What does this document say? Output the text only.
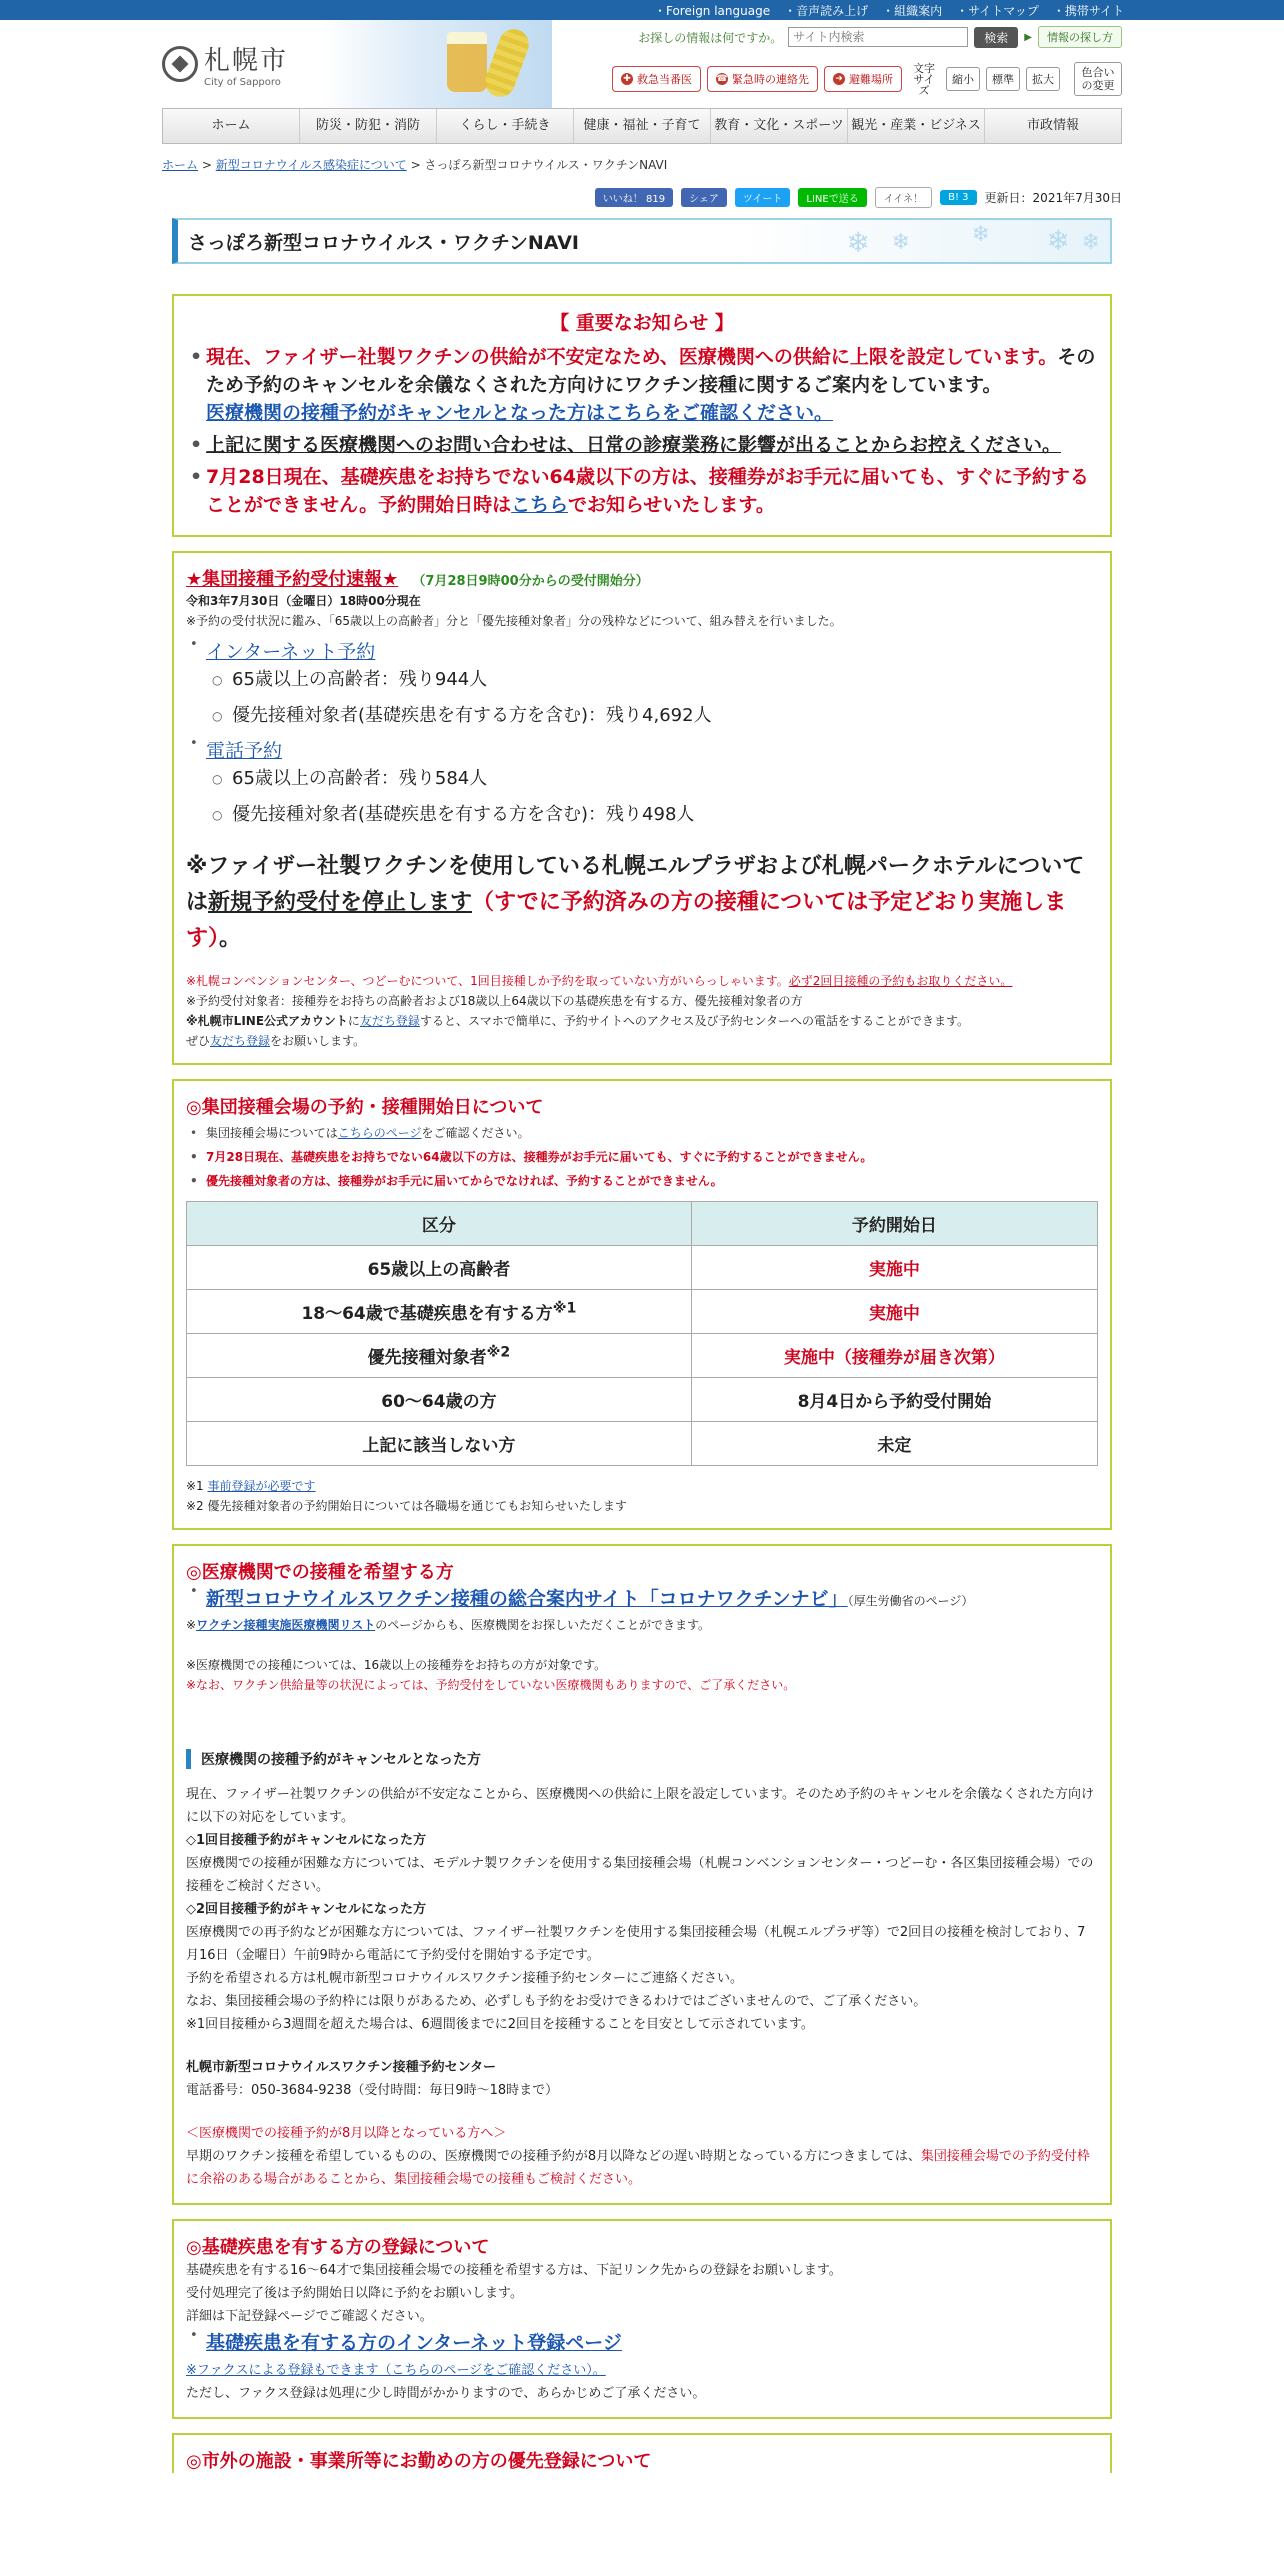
・Foreign language ・音声読み上げ ・組織案内 ・サイトマップ ・携帯サイト
札幌市
City of Sapporo
お探しの情報は何ですか。
サイト内検索	検索	▶	情報の探し方
✚ 救急当番医	☎ 緊急時の連絡先	➜ 避難場所
文字サイズ
縮小	標準	拡大
色合いの変更
ホーム	防災・防犯・消防	くらし・手続き	健康・福祉・子育て	教育・文化・スポーツ 観光・産業・ビジネス	市政情報
ホーム > 新型コロナウイルス感染症について > さっぽろ新型コロナウイルス・ワクチンNAVI
いいね！ 819	シェア	ツイート	LINEで送る	イイネ！	B! 3	更新日：2021年7月30日
さっぽろ新型コロナウイルス・ワクチンNAVI	❄ ❄	❄ ❄ ❄
【 重要なお知らせ 】
• 現在、ファイザー社製ワクチンの供給が不安定なため、医療機関への供給に上限を設定しています。そのため予約のキャンセルを余儀なくされた方向けにワクチン接種に関するご案内をしています。
医療機関の接種予約がキャンセルとなった方はこちらをご確認ください。
• 上記に関する医療機関へのお問い合わせは、日常の診療業務に影響が出ることからお控えください。
• 7月28日現在、基礎疾患をお持ちでない64歳以下の方は、接種券がお手元に届いても、すぐに予約することができません。予約開始日時はこちらでお知らせいたします。
★集団接種予約受付速報★ （7月28日9時00分からの受付開始分）
令和3年7月30日（金曜日）18時00分現在
※予約の受付状況に鑑み、「65歳以上の高齢者」分と「優先接種対象者」分の残枠などについて、組み替えを行いました。
• インターネット予約
○ 65歳以上の高齢者：残り944人
○ 優先接種対象者(基礎疾患を有する方を含む)：残り4,692人
• 電話予約
○ 65歳以上の高齢者：残り584人
○ 優先接種対象者(基礎疾患を有する方を含む)：残り498人
※ファイザー社製ワクチンを使用している札幌エルプラザおよび札幌パークホテルについては新規予約受付を停止します（すでに予約済みの方の接種については予定どおり実施します）。
※札幌コンベンションセンター、つどーむについて、1回目接種しか予約を取っていない方がいらっしゃいます。必ず2回目接種の予約もお取りください。
※予約受付対象者：接種券をお持ちの高齢者および18歳以上64歳以下の基礎疾患を有する方、優先接種対象者の方
※札幌市LINE公式アカウントに友だち登録すると、スマホで簡単に、予約サイトへのアクセス及び予約センターへの電話をすることができます。
ぜひ友だち登録をお願いします。
◎集団接種会場の予約・接種開始日について
• 集団接種会場についてはこちらのページをご確認ください。
• 7月28日現在、基礎疾患をお持ちでない64歳以下の方は、接種券がお手元に届いても、すぐに予約することができません。
• 優先接種対象者の方は、接種券がお手元に届いてからでなければ、予約することができません。
区分	予約開始日
65歳以上の高齢者	実施中
18～64歳で基礎疾患を有する方$^{※1}$	実施中
優先接種対象者$^{※2}$	実施中（接種券が届き次第）
60～64歳の方	8月4日から予約受付開始
上記に該当しない方	未定
※1 事前登録が必要です
※2 優先接種対象者の予約開始日については各職場を通じてもお知らせいたします
◎医療機関での接種を希望する方
• 新型コロナウイルスワクチン接種の総合案内サイト「コロナワクチンナビ」（厚生労働省のページ）
※ワクチン接種実施医療機関リストのページからも、医療機関をお探しいただくことができます。
※医療機関での接種については、16歳以上の接種券をお持ちの方が対象です。
※なお、ワクチン供給量等の状況によっては、予約受付をしていない医療機関もありますので、ご了承ください。
医療機関の接種予約がキャンセルとなった方
現在、ファイザー社製ワクチンの供給が不安定なことから、医療機関への供給に上限を設定しています。そのため予約のキャンセルを余儀なくされた方向けに以下の対応をしています。
◇1回目接種予約がキャンセルになった方
医療機関での接種が困難な方については、モデルナ製ワクチンを使用する集団接種会場（札幌コンベンションセンター・つどーむ・各区集団接種会場）での接種をご検討ください。
◇2回目接種予約がキャンセルになった方
医療機関での再予約などが困難な方については、ファイザー社製ワクチンを使用する集団接種会場（札幌エルプラザ等）で2回目の接種を検討しており、7月16日（金曜日）午前9時から電話にて予約受付を開始する予定です。
予約を希望される方は札幌市新型コロナウイルスワクチン接種予約センターにご連絡ください。
なお、集団接種会場の予約枠には限りがあるため、必ずしも予約をお受けできるわけではございませんので、ご了承ください。
※1回目接種から3週間を超えた場合は、6週間後までに2回目を接種することを目安として示されています。
札幌市新型コロナウイルスワクチン接種予約センター
電話番号：050-3684-9238（受付時間：毎日9時～18時まで）
＜医療機関での接種予約が8月以降となっている方へ＞
早期のワクチン接種を希望しているものの、医療機関での接種予約が8月以降などの遅い時期となっている方につきましては、集団接種会場での予約受付枠に余裕のある場合があることから、集団接種会場での接種もご検討ください。
◎基礎疾患を有する方の登録について
基礎疾患を有する16～64才で集団接種会場での接種を希望する方は、下記リンク先からの登録をお願いします。
受付処理完了後は予約開始日以降に予約をお願いします。
詳細は下記登録ページでご確認ください。
• 基礎疾患を有する方のインターネット登録ページ
※ファクスによる登録もできます（こちらのページをご確認ください）。
ただし、ファクス登録は処理に少し時間がかかりますので、あらかじめご了承ください。
◎市外の施設・事業所等にお勤めの方の優先登録について
